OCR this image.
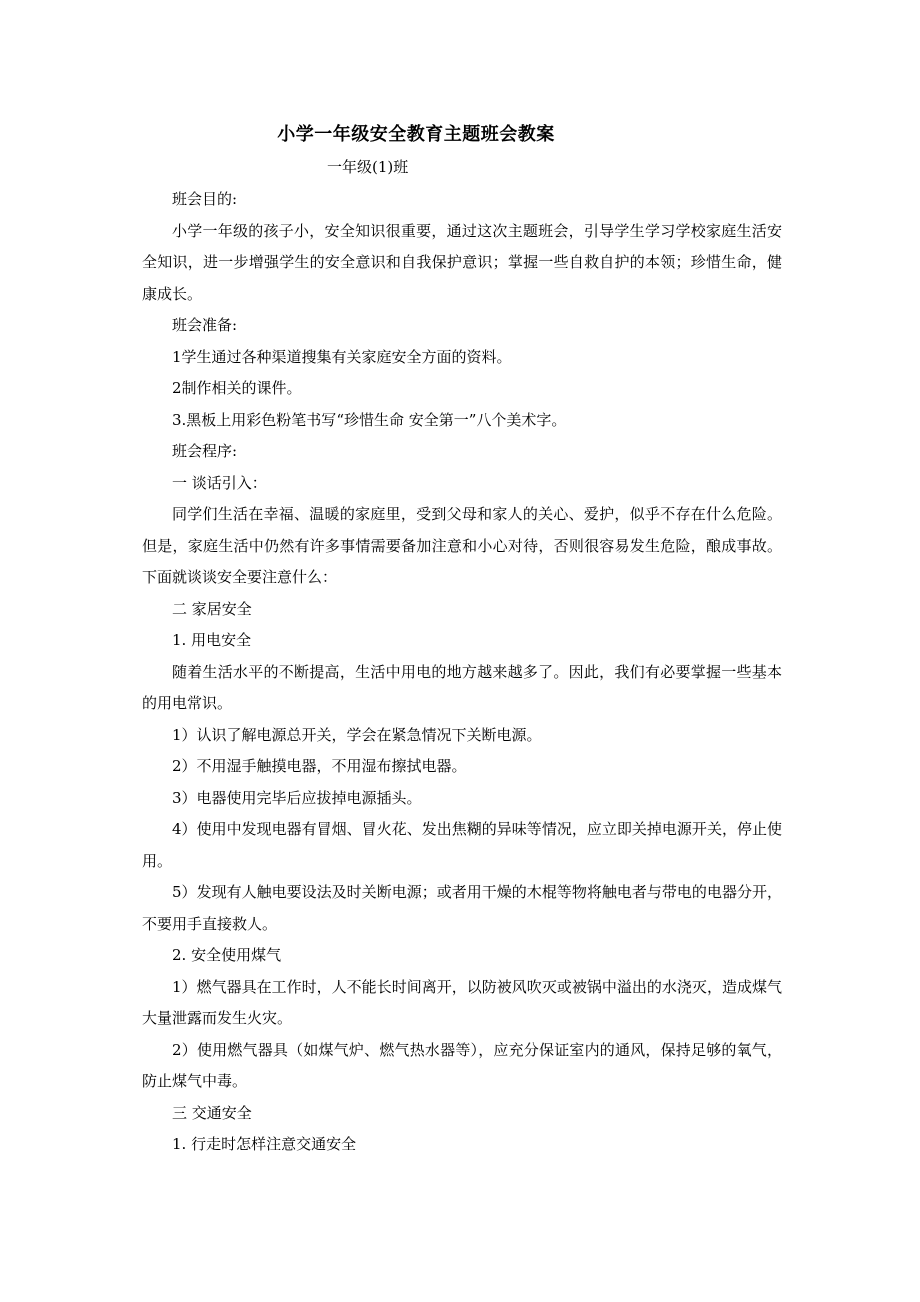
小学一年级安全教育主题班会教案
一年级(1)班

班会目的:

小学一年级的孩子小，安全知识很重要，通过这次主题班会，引导学生学习学校家庭生活安全知识，进一步增强学生的安全意识和自我保护意识；掌握一些自救自护的本领；珍惜生命，健康成长。

班会准备:

1学生通过各种渠道搜集有关家庭安全方面的资料。

2制作相关的课件。

3.黑板上用彩色粉笔书写“珍惜生命 安全第一”八个美术字。

班会程序:

一 谈话引入：

同学们生活在幸福、温暖的家庭里，受到父母和家人的关心、爱护，似乎不存在什么危险。但是，家庭生活中仍然有许多事情需要备加注意和小心对待，否则很容易发生危险，酿成事故。下面就谈谈安全要注意什么：

二 家居安全

1. 用电安全

随着生活水平的不断提高，生活中用电的地方越来越多了。因此，我们有必要掌握一些基本的用电常识。

1）认识了解电源总开关，学会在紧急情况下关断电源。

2）不用湿手触摸电器，不用湿布擦拭电器。

3）电器使用完毕后应拔掉电源插头。

4）使用中发现电器有冒烟、冒火花、发出焦糊的异味等情况，应立即关掉电源开关，停止使用。

5）发现有人触电要设法及时关断电源；或者用干燥的木棍等物将触电者与带电的电器分开，不要用手直接救人。

2. 安全使用煤气

1）燃气器具在工作时，人不能长时间离开，以防被风吹灭或被锅中溢出的水浇灭，造成煤气大量泄露而发生火灾。

2）使用燃气器具（如煤气炉、燃气热水器等），应充分保证室内的通风，保持足够的氧气，防止煤气中毒。

三 交通安全

1. 行走时怎样注意交通安全
